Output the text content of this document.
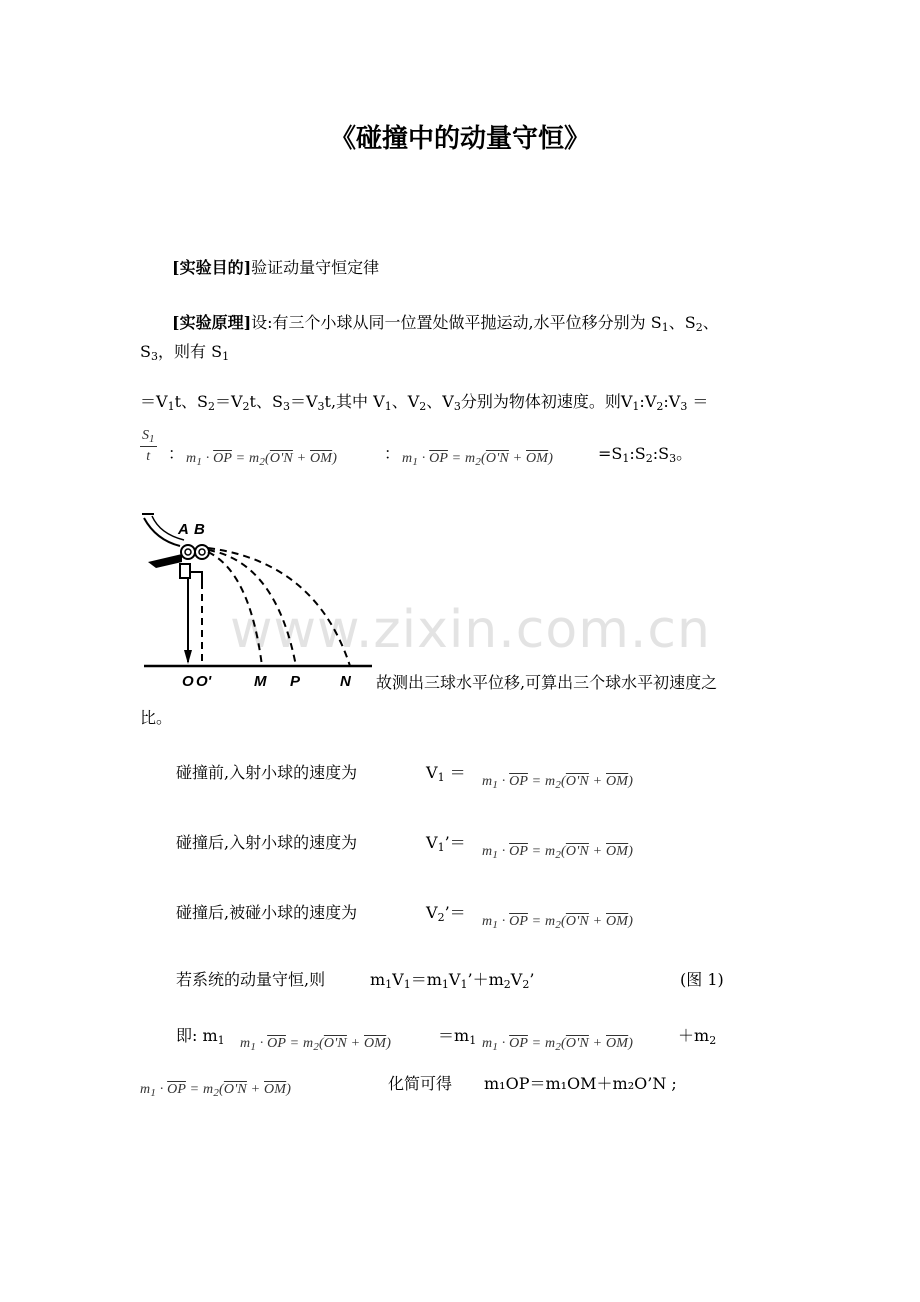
www.zixin.com.cn
《碰撞中的动量守恒》
[实验目的]验证动量守恒定律
[实验原理]设:有三个小球从同一位置处做平抛运动,水平位移分别为 $S_1$、$S_2$、
$S_3$，则有 $S_1$
$=V_1t$、$S_2=V_2t$、$S_3=V_3t$,其中 $V_1$、$V_2$、$V_3$分别为物体初速度。则$V_1:V_2:V_3$ ＝
$\frac{S_1}{t}$ ： $m_1 \cdot \overline{OP} = m_2(O'N + \overline{OM})$	： $m_1 \cdot \overline{OP} = m_2(O'N + \overline{OM})$	$=S_1:S_2:S_3$。
A B
O O'	M P	N 故测出三球水平位移,可算出三个球水平初速度之
比。
碰撞前,入射小球的速度为	$V_1 = m_1 \cdot \overline{OP} = m_2(O'N + \overline{OM})$
碰撞后,入射小球的速度为	$V_1’= m_1 \cdot \overline{OP} = m_2(O'N + \overline{OM})$
碰撞后,被碰小球的速度为	$V_2’= m_1 \cdot \overline{OP} = m_2(O'N + \overline{OM})$
若系统的动量守恒,则	$m_1V_1=m_1V_1’+m_2V_2$’	(图 1)
即: $m_1$ $m_1 \cdot \overline{OP} = m_2(O'N + \overline{OM})$	$=m_1$ $m_1 \cdot \overline{OP} = m_2(O'N + \overline{OM})$	$+m_2$
$m_1 \cdot \overline{OP} = m_2(O'N + \overline{OM})$	化简可得 m₁OP＝m₁OM＋m₂O’N ;
